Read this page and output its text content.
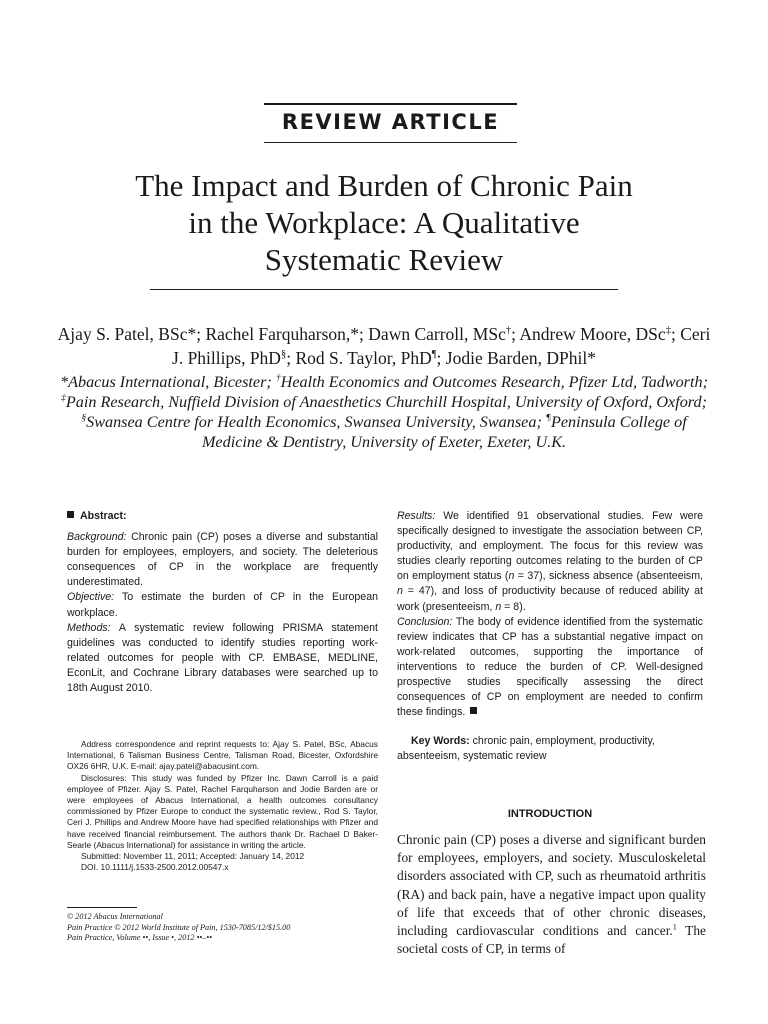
REVIEW ARTICLE
The Impact and Burden of Chronic Pain in the Workplace: A Qualitative Systematic Review
Ajay S. Patel, BSc*; Rachel Farquharson,*; Dawn Carroll, MSc†; Andrew Moore, DSc‡; Ceri J. Phillips, PhD§; Rod S. Taylor, PhD¶; Jodie Barden, DPhil*
*Abacus International, Bicester; †Health Economics and Outcomes Research, Pfizer Ltd, Tadworth; ‡Pain Research, Nuffield Division of Anaesthetics Churchill Hospital, University of Oxford, Oxford; §Swansea Centre for Health Economics, Swansea University, Swansea; ¶Peninsula College of Medicine & Dentistry, University of Exeter, Exeter, U.K.
Abstract:
Background: Chronic pain (CP) poses a diverse and substantial burden for employees, employers, and society. The deleterious consequences of CP in the workplace are frequently underestimated.
Objective: To estimate the burden of CP in the European workplace.
Methods: A systematic review following PRISMA statement guidelines was conducted to identify studies reporting work-related outcomes for people with CP. EMBASE, MEDLINE, EconLit, and Cochrane Library databases were searched up to 18th August 2010.
Results: We identified 91 observational studies. Few were specifically designed to investigate the association between CP, productivity, and employment. The focus for this review was studies clearly reporting outcomes relating to the burden of CP on employment status (n = 37), sickness absence (absenteeism, n = 47), and loss of productivity because of reduced ability at work (presenteeism, n = 8).
Conclusion: The body of evidence identified from the systematic review indicates that CP has a substantial negative impact on work-related outcomes, supporting the importance of interventions to reduce the burden of CP. Well-designed prospective studies specifically assessing the direct consequences of CP on employment are needed to confirm these findings.

Address correspondence and reprint requests to: Ajay S. Patel, BSc, Abacus International, 6 Talisman Business Centre, Talisman Road, Bicester, Oxfordshire OX26 6HR, U.K. E-mail: ajay.patel@abacusint.com.

Disclosures: This study was funded by Pfizer Inc. Dawn Carroll is a paid employee of Pfizer. Ajay S. Patel, Rachel Farquharson and Jodie Barden are or were employees of Abacus International, a health outcomes consultancy commissioned by Pfizer Europe to conduct the systematic review., Rod S. Taylor, Ceri J. Phillips and Andrew Moore have had specified relationships with Pfizer and have received financial reimbursement. The authors thank Dr. Rachael D Baker-Searle (Abacus International) for assistance in writing the article.

Submitted: November 11, 2011; Accepted: January 14, 2012

DOI. 10.1111/j.1533-2500.2012.00547.x

© 2012 Abacus International
Pain Practice © 2012 World Institute of Pain, 1530-7085/12/$15.00
Pain Practice, Volume ••, Issue •, 2012 ••–••

Key Words: chronic pain, employment, productivity, absenteeism, systematic review

INTRODUCTION

Chronic pain (CP) poses a diverse and significant burden for employees, employers, and society. Musculoskeletal disorders associated with CP, such as rheumatoid arthritis (RA) and back pain, have a negative impact upon quality of life that exceeds that of other chronic diseases, including cardiovascular conditions and cancer.$^1$ The societal costs of CP, in terms of
